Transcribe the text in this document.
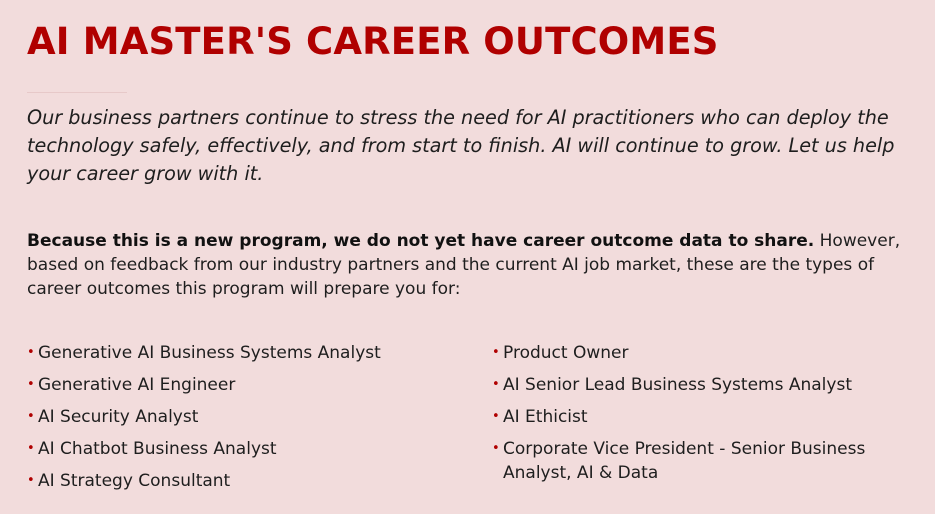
AI MASTER'S CAREER OUTCOMES

Our business partners continue to stress the need for AI practitioners who can deploy the technology safely, effectively, and from start to finish. AI will continue to grow. Let us help your career grow with it.

Because this is a new program, we do not yet have career outcome data to share. However, based on feedback from our industry partners and the current AI job market, these are the types of career outcomes this program will prepare you for:

• Generative AI Business Systems Analyst
• Generative AI Engineer
• AI Security Analyst
• AI Chatbot Business Analyst
• AI Strategy Consultant
• Product Owner
• AI Senior Lead Business Systems Analyst
• AI Ethicist
• Corporate Vice President - Senior Business Analyst, AI & Data
